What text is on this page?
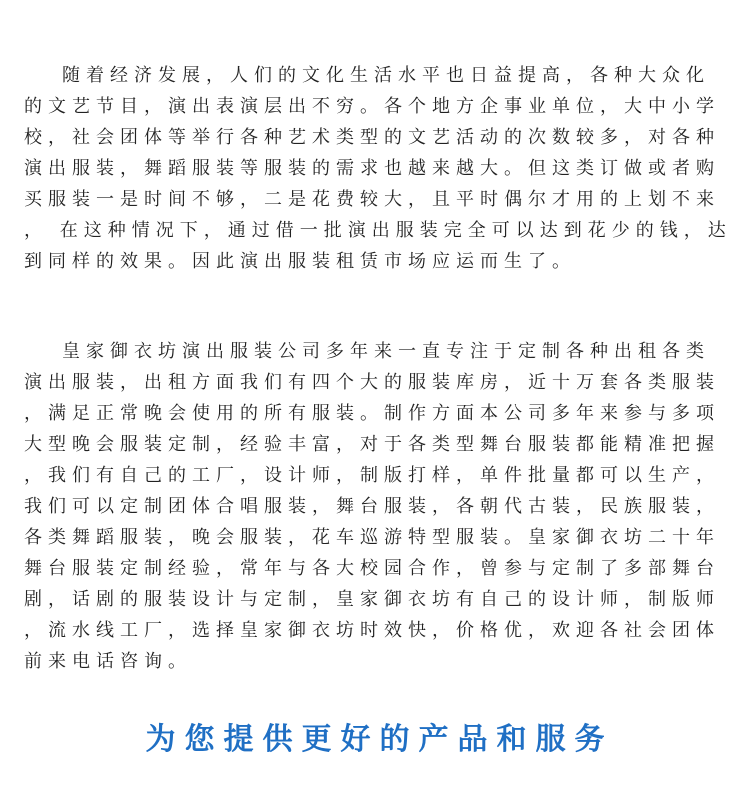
随着经济发展，人们的文化生活水平也日益提高，各种大众化
的文艺节目，演出表演层出不穷。各个地方企事业单位，大中小学
校，社会团体等举行各种艺术类型的文艺活动的次数较多，对各种
演出服装，舞蹈服装等服装的需求也越来越大。但这类订做或者购
买服装一是时间不够，二是花费较大，且平时偶尔才用的上划不来
， 在这种情况下，通过借一批演出服装完全可以达到花少的钱，达
到同样的效果。因此演出服装租赁市场应运而生了。
皇家御衣坊演出服装公司多年来一直专注于定制各种出租各类
演出服装，出租方面我们有四个大的服装库房，近十万套各类服装
，满足正常晚会使用的所有服装。制作方面本公司多年来参与多项
大型晚会服装定制，经验丰富，对于各类型舞台服装都能精准把握
，我们有自己的工厂，设计师，制版打样，单件批量都可以生产，
我们可以定制团体合唱服装，舞台服装，各朝代古装，民族服装，
各类舞蹈服装，晚会服装，花车巡游特型服装。皇家御衣坊二十年
舞台服装定制经验，常年与各大校园合作，曾参与定制了多部舞台
剧，话剧的服装设计与定制，皇家御衣坊有自己的设计师，制版师
，流水线工厂，选择皇家御衣坊时效快，价格优，欢迎各社会团体
前来电话咨询。
为您提供更好的产品和服务
